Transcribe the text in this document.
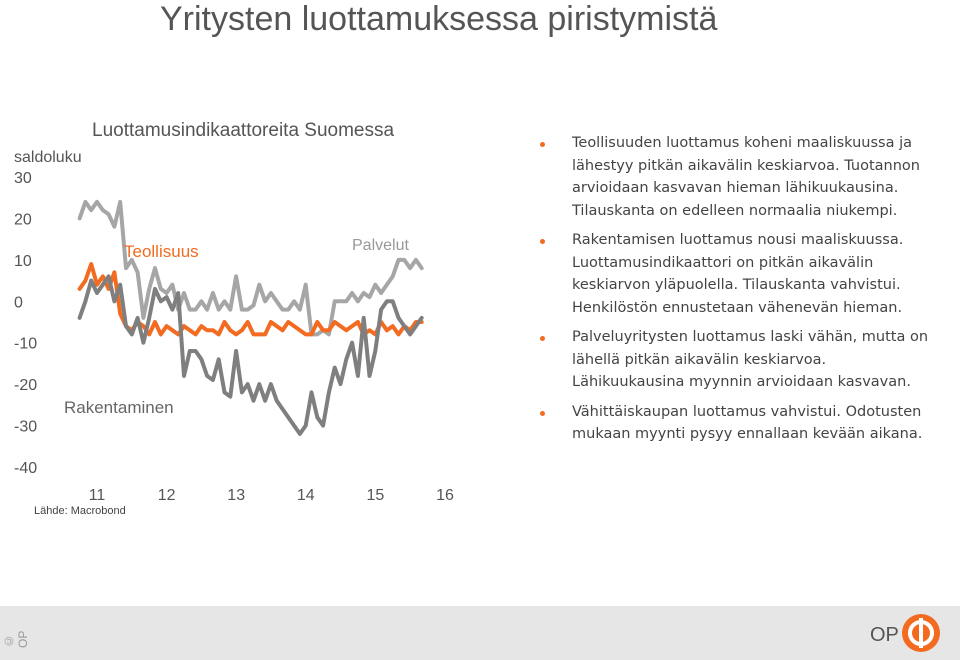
Yritysten luottamuksessa piristymistä
Luottamusindikaattoreita Suomessa
saldoluku
30
20
10
0
-10
-20
-30
-40
11	12	13	14	15	16
Lähde: Macrobond
Teollisuus	Palvelut
Rakentaminen
Teollisuuden luottamus koheni maaliskuussa ja lähestyy pitkän aikavälin keskiarvoa. Tuotannon arvioidaan kasvavan hieman lähikuukausina. Tilauskanta on edelleen normaalia niukempi.
Rakentamisen luottamus nousi maaliskuussa. Luottamusindikaattori on pitkän aikavälin keskiarvon yläpuolella. Tilauskanta vahvistui. Henkilöstön ennustetaan vähenevän hieman.
Palveluyritysten luottamus laski vähän, mutta on lähellä pitkän aikavälin keskiarvoa. Lähikuukausina myynnin arvioidaan kasvavan.
Vähittäiskaupan luottamus vahvistui. Odotusten mukaan myynti pysyy ennallaan kevään aikana.
© OP	OP
